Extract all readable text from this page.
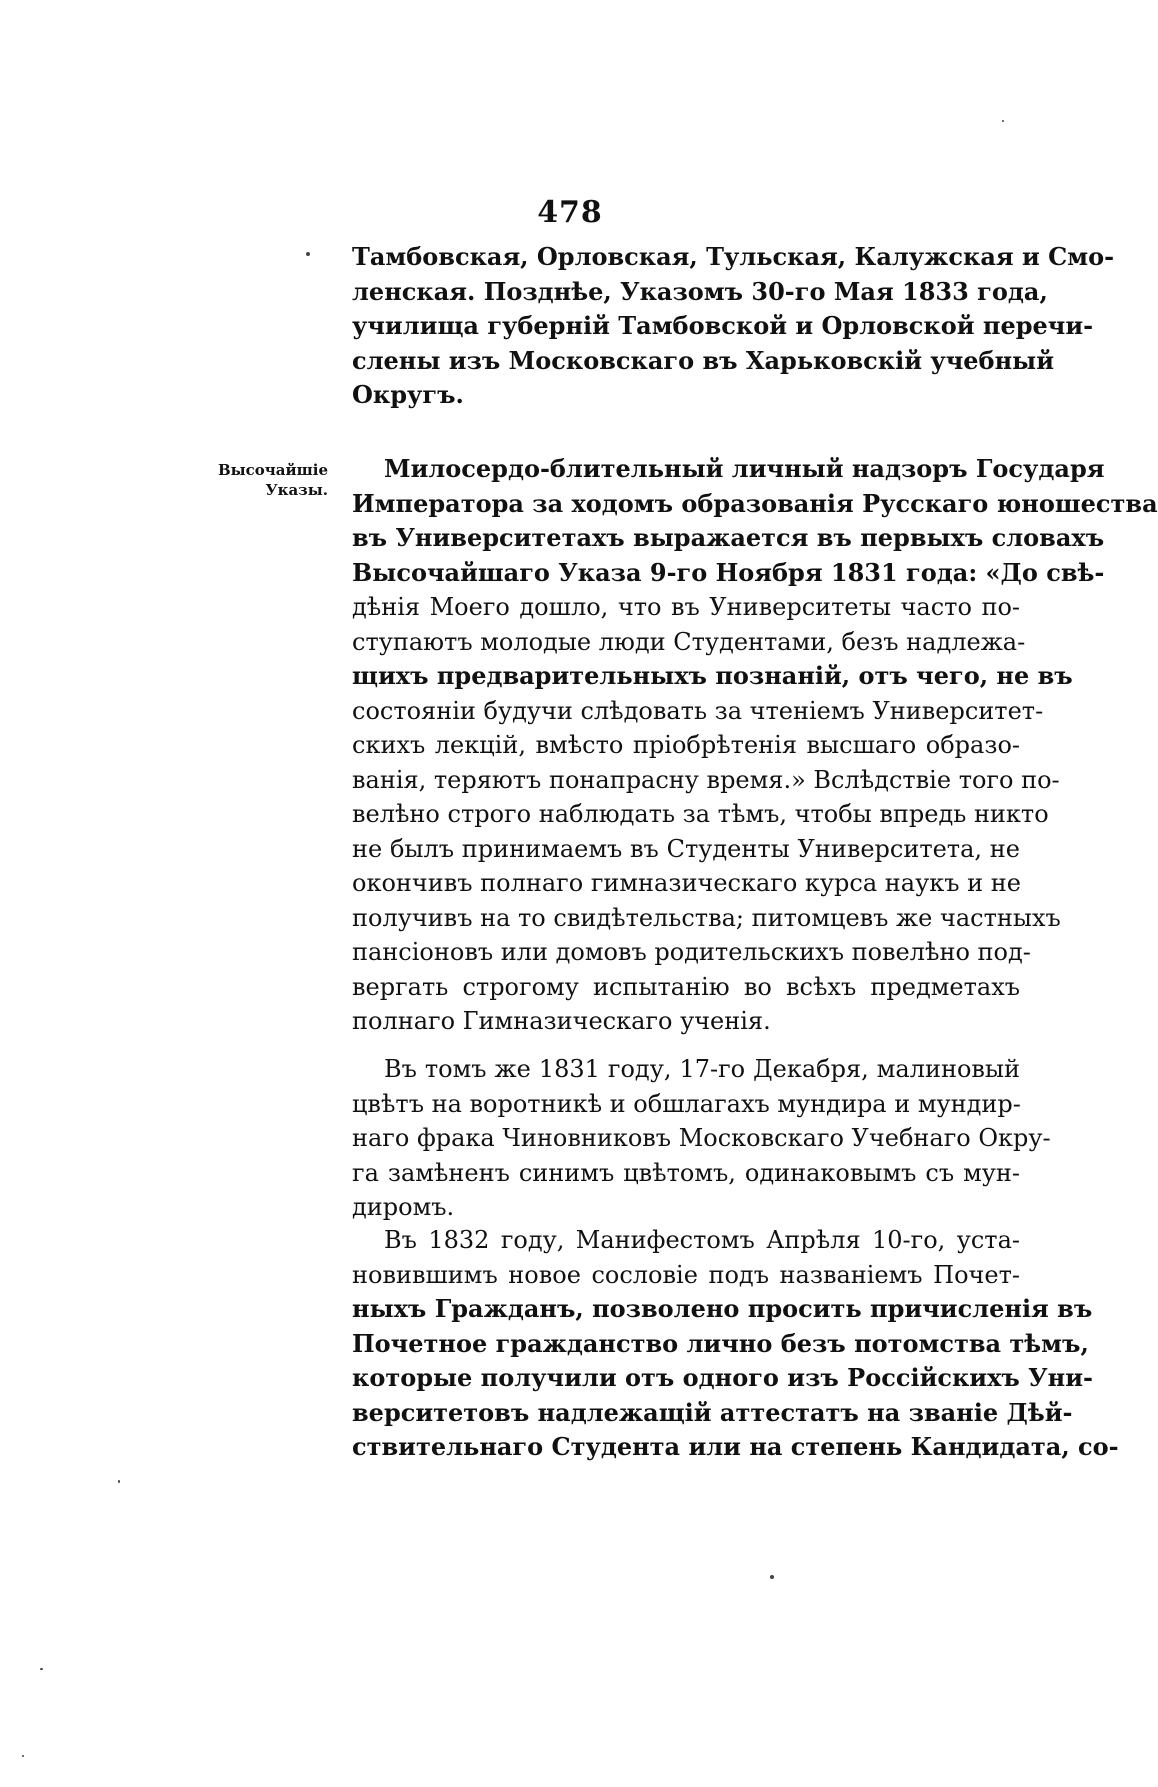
478
Тамбовская, Орловская, Тульская, Калужская и Смо-
ленская. Позднѣе, Указомъ 30-го Мая 1833 года,
училища губерній Тамбовской и Орловской перечи-
слены изъ Московскаго въ Харьковскій учебный
Округъ.
Высочайшіе
Указы.
Милосердо-блительный личный надзоръ Государя
Императора за ходомъ образованія Русскаго юношества
въ Университетахъ выражается въ первыхъ словахъ
Высочайшаго Указа 9-го Ноября 1831 года: «До свѣ-
дѣнія Моего дошло, что въ Университеты часто по-
ступаютъ молодые люди Студентами, безъ надлежа-
щихъ предварительныхъ познаній, отъ чего, не въ
состояніи будучи слѣдовать за чтеніемъ Университет-
скихъ лекцій, вмѣсто пріобрѣтенія высшаго образо-
ванія, теряютъ понапрасну время.» Вслѣдствіе того по-
велѣно строго наблюдать за тѣмъ, чтобы впредь никто
не былъ принимаемъ въ Студенты Университета, не
окончивъ полнаго гимназическаго курса наукъ и не
получивъ на то свидѣтельства; питомцевъ же частныхъ
пансіоновъ или домовъ родительскихъ повелѣно под-
вергать строгому испытанію во всѣхъ предметахъ
полнаго Гимназическаго ученія.
Въ томъ же 1831 году, 17-го Декабря, малиновый
цвѣтъ на воротникѣ и обшлагахъ мундира и мундир-
наго фрака Чиновниковъ Московскаго Учебнаго Окру-
га замѣненъ синимъ цвѣтомъ, одинаковымъ съ мун-
диромъ.
Въ 1832 году, Манифестомъ Апрѣля 10-го, уста-
новившимъ новое сословіе подъ названіемъ Почет-
ныхъ Гражданъ, позволено просить причисленія въ
Почетное гражданство лично безъ потомства тѣмъ,
которые получили отъ одного изъ Россійскихъ Уни-
верситетовъ надлежащій аттестатъ на званіе Дѣй-
ствительнаго Студента или на степень Кандидата, со-
